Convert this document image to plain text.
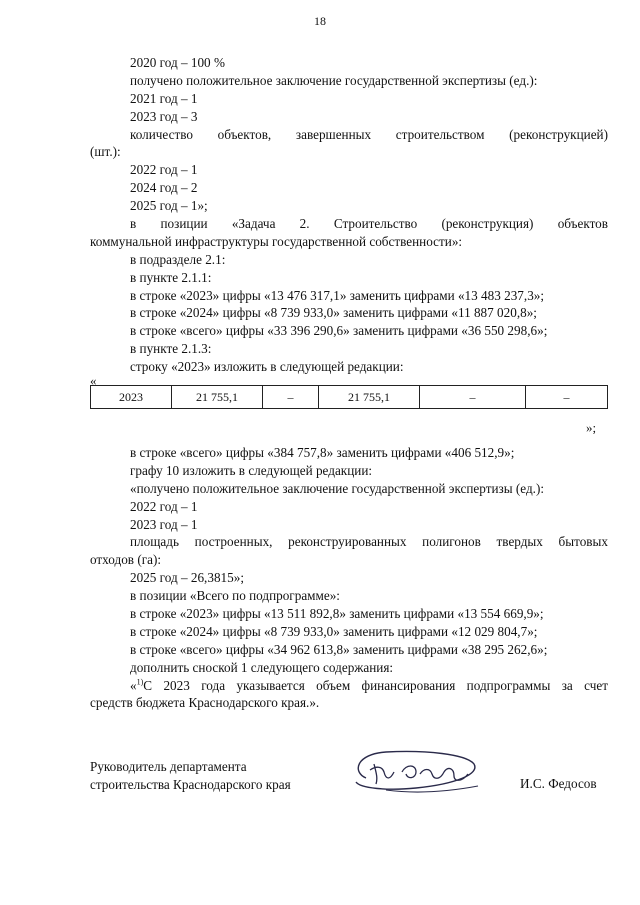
18
2020 год – 100 %
получено положительное заключение государственной экспертизы (ед.):
2021 год – 1
2023 год – 3
количество объектов, завершенных строительством (реконструкцией)
(шт.):
2022 год – 1
2024 год – 2
2025 год – 1»;
в позиции «Задача 2. Строительство (реконструкция) объектов
коммунальной инфраструктуры государственной собственности»:
в подразделе 2.1:
в пункте 2.1.1:
в строке «2023» цифры «13 476 317,1» заменить цифрами «13 483 237,3»;
в строке «2024» цифры «8 739 933,0» заменить цифрами «11 887 020,8»;
в строке «всего» цифры «33 396 290,6» заменить цифрами «36 550 298,6»;
в пункте 2.1.3:
строку «2023» изложить в следующей редакции:
«
2023	21 755,1	–	21 755,1	–	–
»;
в строке «всего» цифры «384 757,8» заменить цифрами «406 512,9»;
графу 10 изложить в следующей редакции:
«получено положительное заключение государственной экспертизы (ед.):
2022 год – 1
2023 год – 1
площадь построенных, реконструированных полигонов твердых бытовых
отходов (га):
2025 год – 26,3815»;
в позиции «Всего по подпрограмме»:
в строке «2023» цифры «13 511 892,8» заменить цифрами «13 554 669,9»;
в строке «2024» цифры «8 739 933,0» заменить цифрами «12 029 804,7»;
в строке «всего» цифры «34 962 613,8» заменить цифрами «38 295 262,6»;
дополнить сноской 1 следующего содержания:
«$^{1)}$С 2023 года указывается объем финансирования подпрограммы за счет
средств бюджета Краснодарского края.».
Руководитель департамента
строительства Краснодарского края	И.С. Федосов
